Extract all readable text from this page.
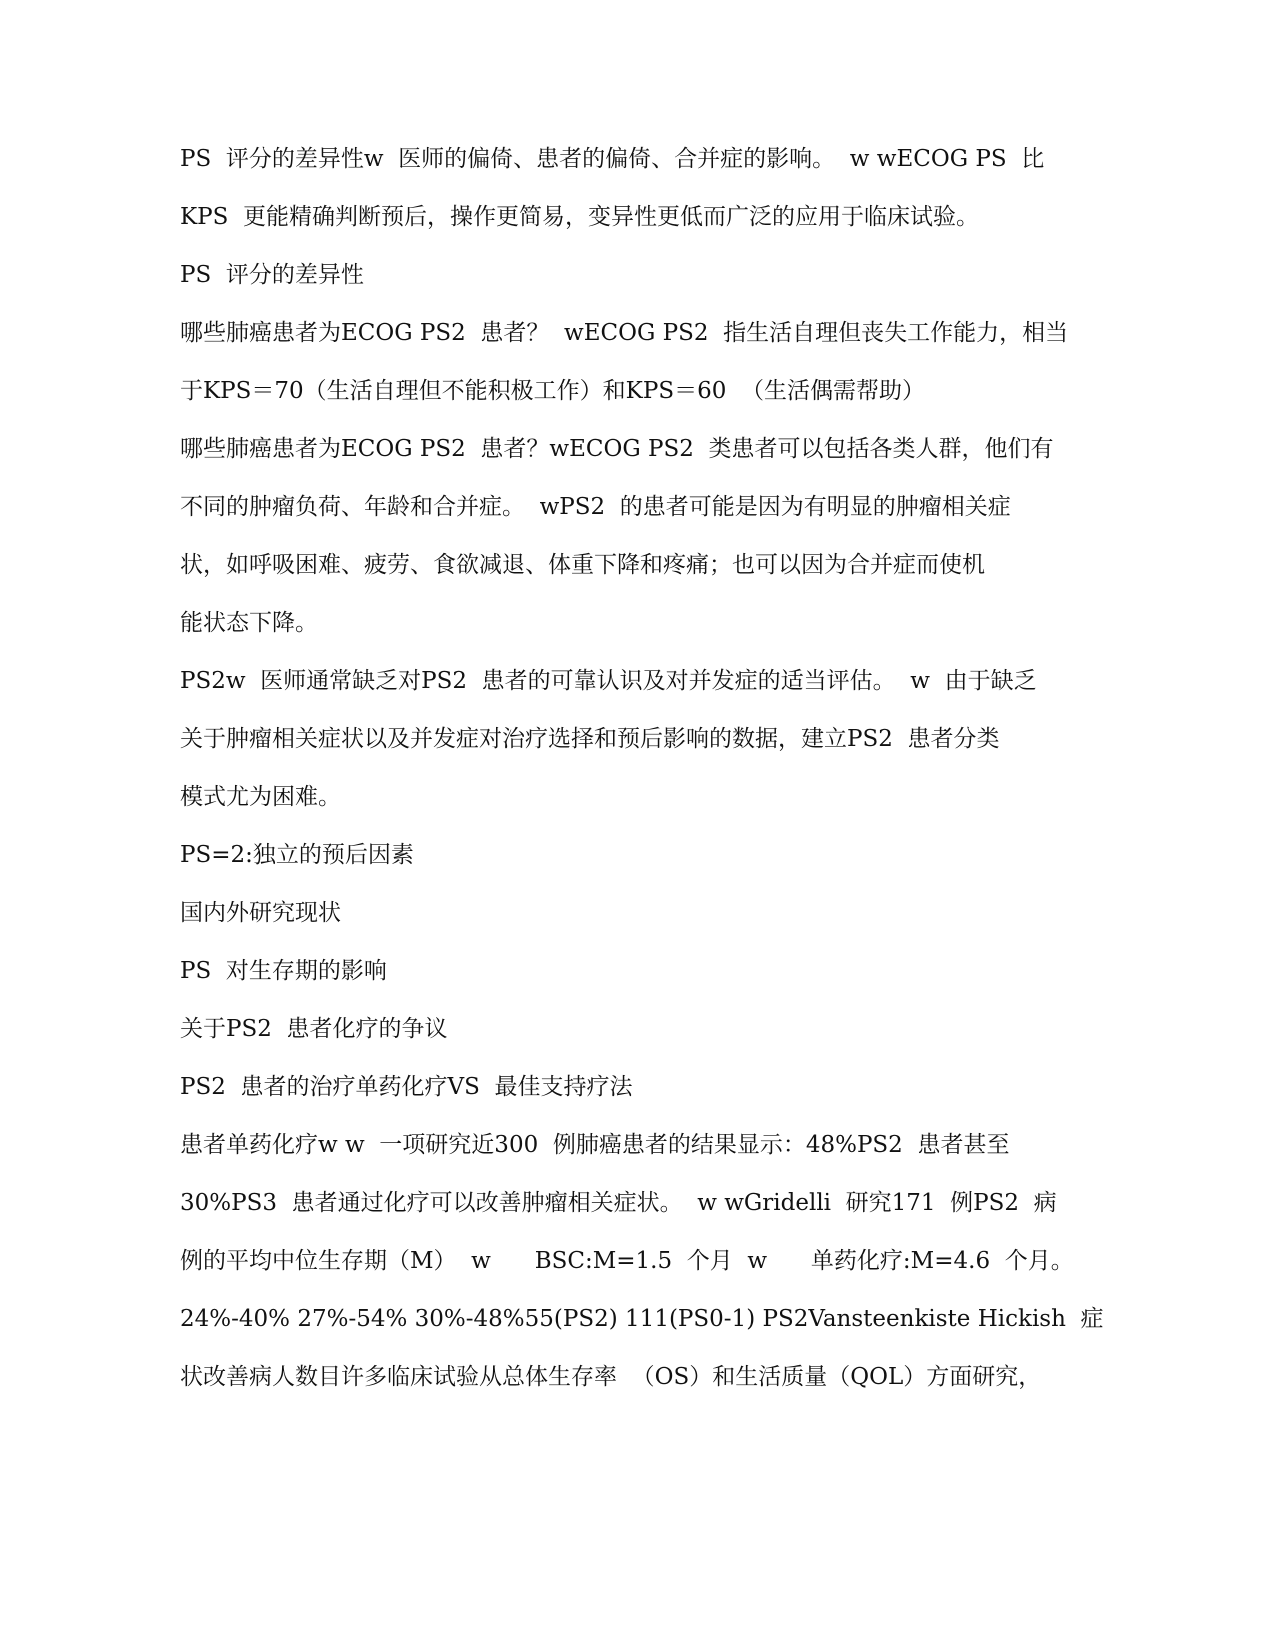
PS  评分的差异性w  医师的偏倚、患者的偏倚、合并症的影响。  w wECOG PS  比
KPS  更能精确判断预后，操作更简易，变异性更低而广泛的应用于临床试验。
PS  评分的差异性
哪些肺癌患者为ECOG PS2  患者？  wECOG PS2  指生活自理但丧失工作能力，相当
于KPS＝70（生活自理但不能积极工作）和KPS＝60  （生活偶需帮助）
哪些肺癌患者为ECOG PS2  患者？wECOG PS2  类患者可以包括各类人群，他们有
不同的肿瘤负荷、年龄和合并症。  wPS2  的患者可能是因为有明显的肿瘤相关症
状，如呼吸困难、疲劳、食欲减退、体重下降和疼痛；也可以因为合并症而使机
能状态下降。
PS2w  医师通常缺乏对PS2  患者的可靠认识及对并发症的适当评估。  w  由于缺乏
关于肿瘤相关症状以及并发症对治疗选择和预后影响的数据，建立PS2  患者分类
模式尤为困难。
PS=2:独立的预后因素
国内外研究现状
PS  对生存期的影响
关于PS2  患者化疗的争议
PS2  患者的治疗单药化疗VS  最佳支持疗法
患者单药化疗w w  一项研究近300  例肺癌患者的结果显示：48%PS2  患者甚至
30%PS3  患者通过化疗可以改善肿瘤相关症状。  w wGridelli  研究171  例PS2  病
例的平均中位生存期（M）  w      BSC:M=1.5  个月  w      单药化疗:M=4.6  个月。
24%-40% 27%-54% 30%-48%55(PS2) 111(PS0-1) PS2Vansteenkiste Hickish  症
状改善病人数目许多临床试验从总体生存率  （OS）和生活质量（QOL）方面研究，
